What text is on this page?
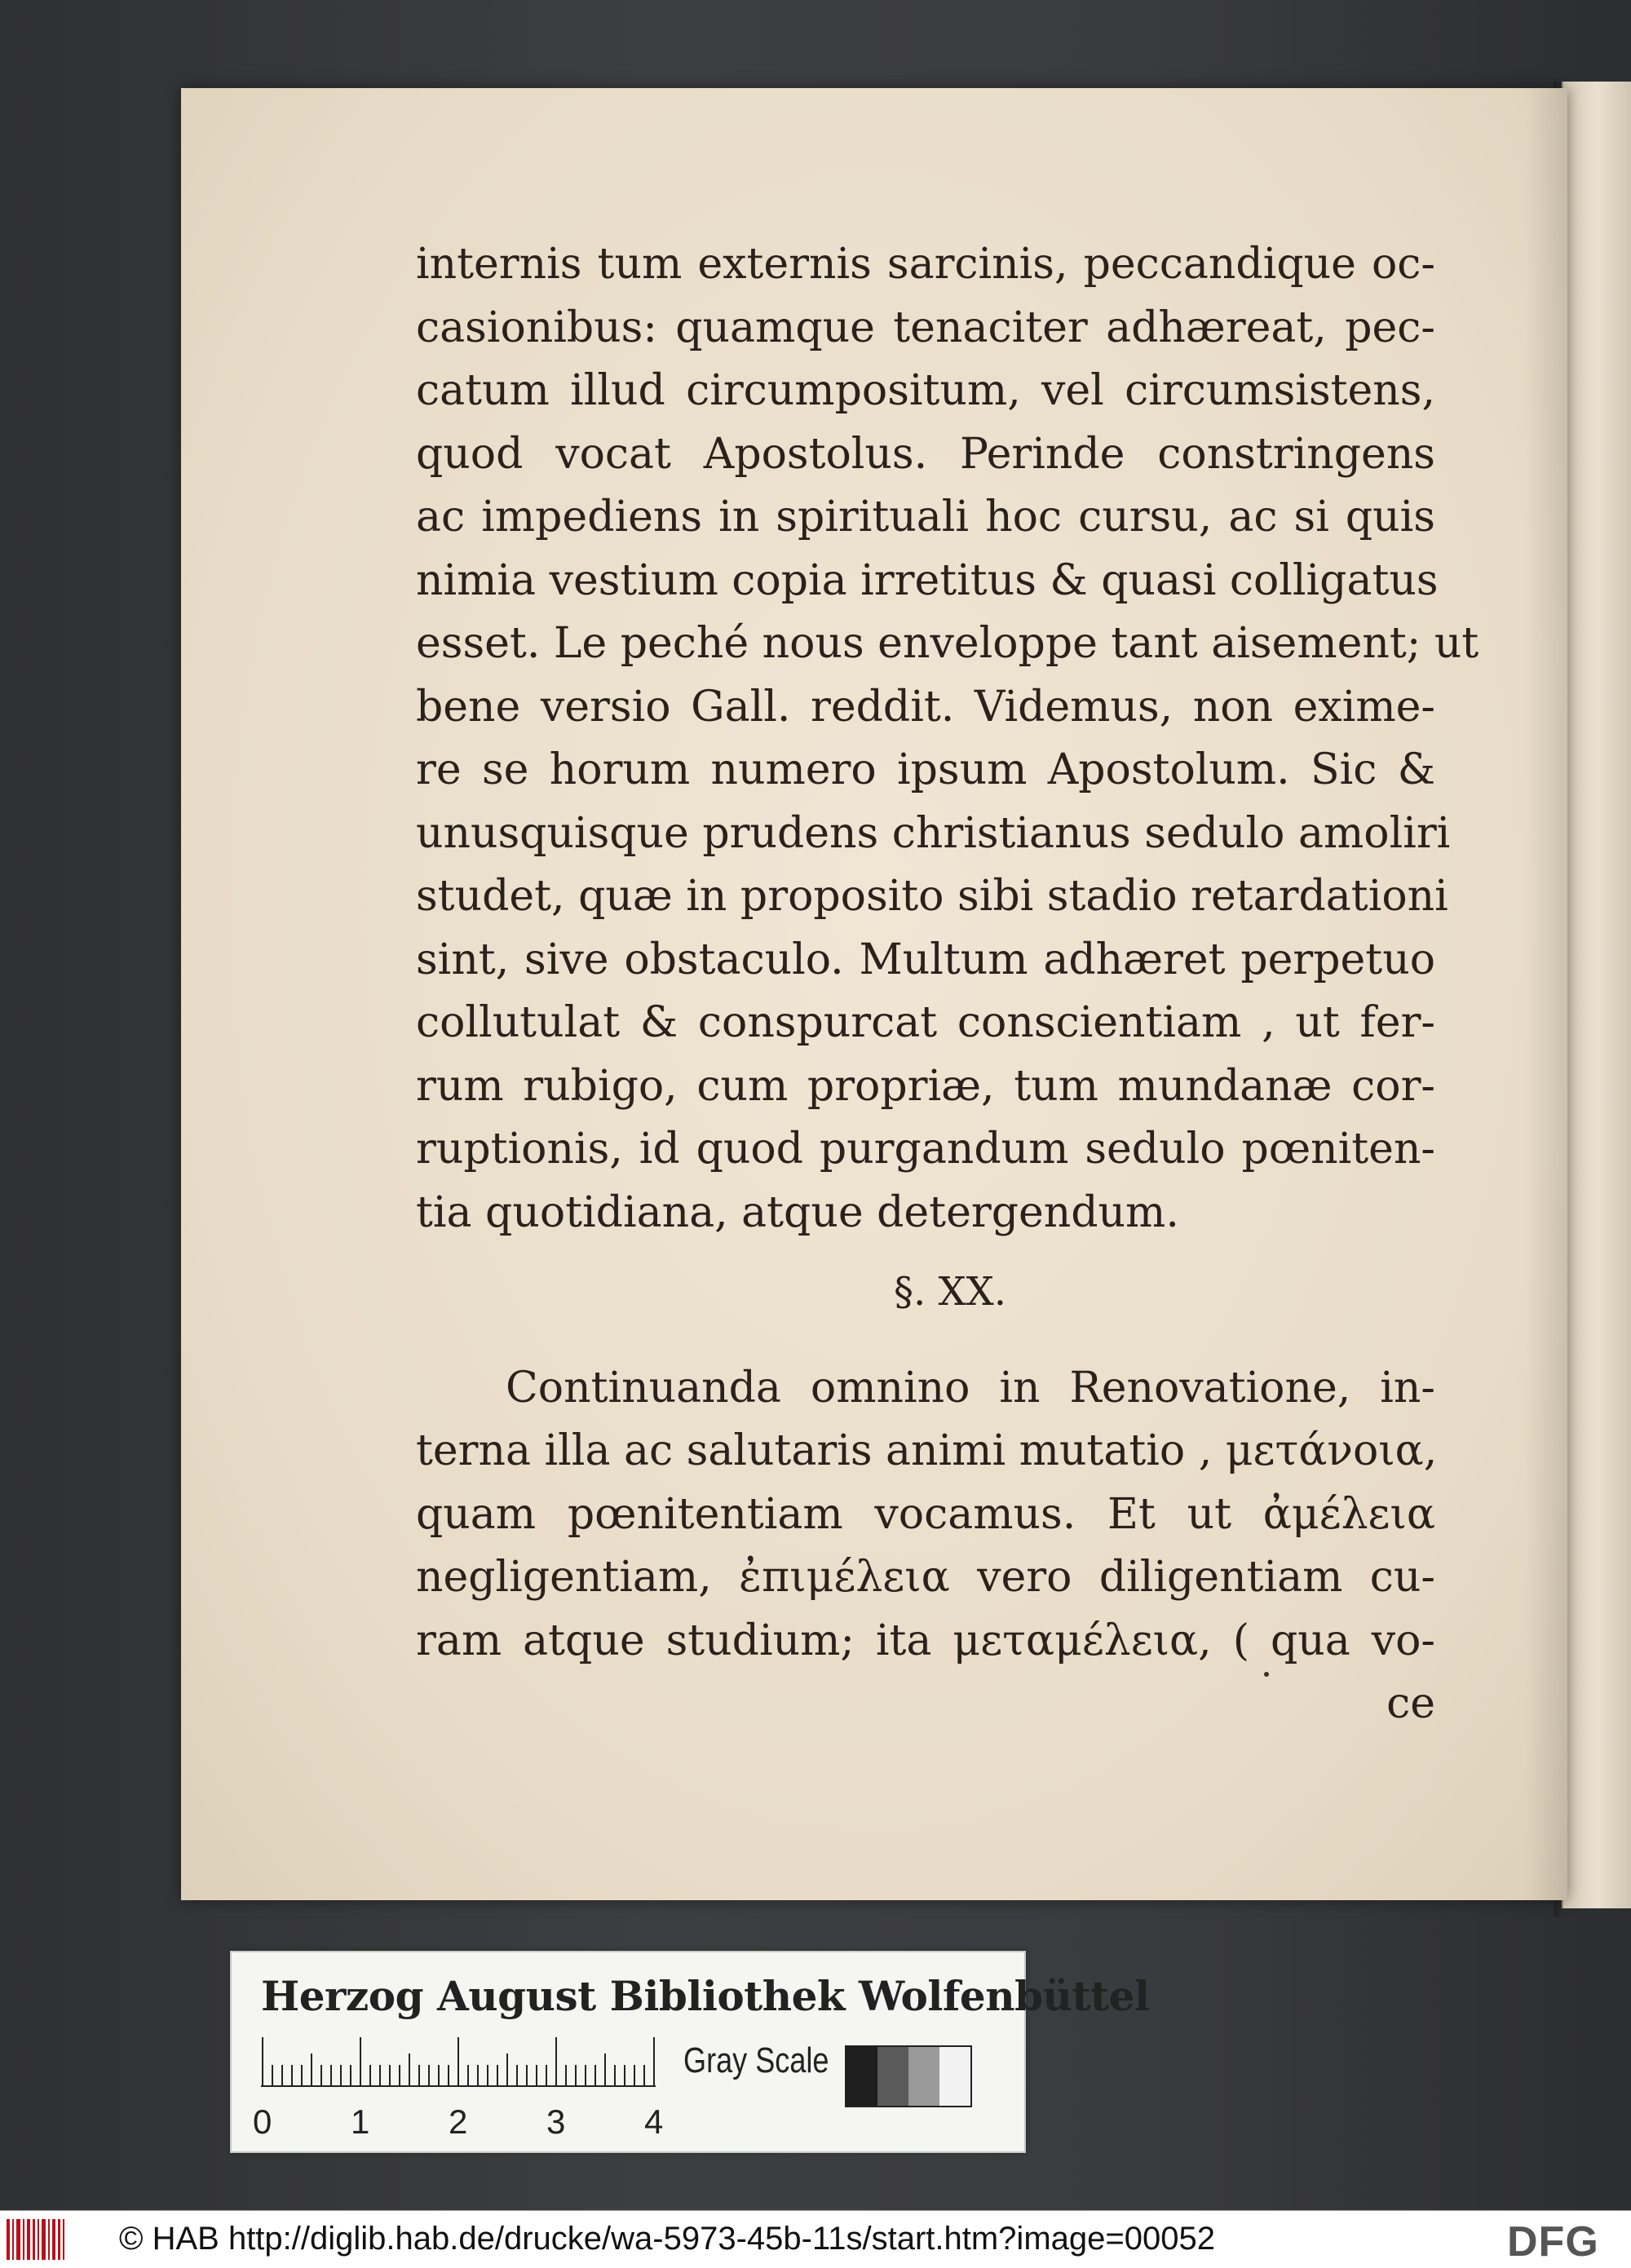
internis tum externis sarcinis, peccandique oc-
casionibus: quamque tenaciter adhæreat, pec-
catum illud circumpositum, vel circumsistens,
quod vocat Apostolus. Perinde constringens
ac impediens in spirituali hoc cursu, ac si quis
nimia vestium copia irretitus & quasi colligatus
esset. Le peché nous enveloppe tant aisement; ut
bene versio Gall. reddit. Videmus, non exime-
re se horum numero ipsum Apostolum. Sic &
unusquisque prudens christianus sedulo amoliri
studet, quæ in proposito sibi stadio retardationi
sint, sive obstaculo. Multum adhæret perpetuo
collutulat & conspurcat conscientiam , ut fer-
rum rubigo, cum propriæ, tum mundanæ cor-
ruptionis, id quod purgandum sedulo pœniten-
tia quotidiana, atque detergendum.
§. XX.
Continuanda omnino in Renovatione, in-
terna illa ac salutaris animi mutatio , μετάνοια,
quam pœnitentiam vocamus. Et ut ἀμέλεια
negligentiam, ἐπιμέλεια vero diligentiam cu-
ram atque studium; ita μεταμέλεια, ( qua vo-
ce
Herzog August Bibliothek Wolfenbüttel
0 1 2 3 4
Gray Scale
© HAB http://diglib.hab.de/drucke/wa-5973-45b-11s/start.htm?image=00052	DFG
